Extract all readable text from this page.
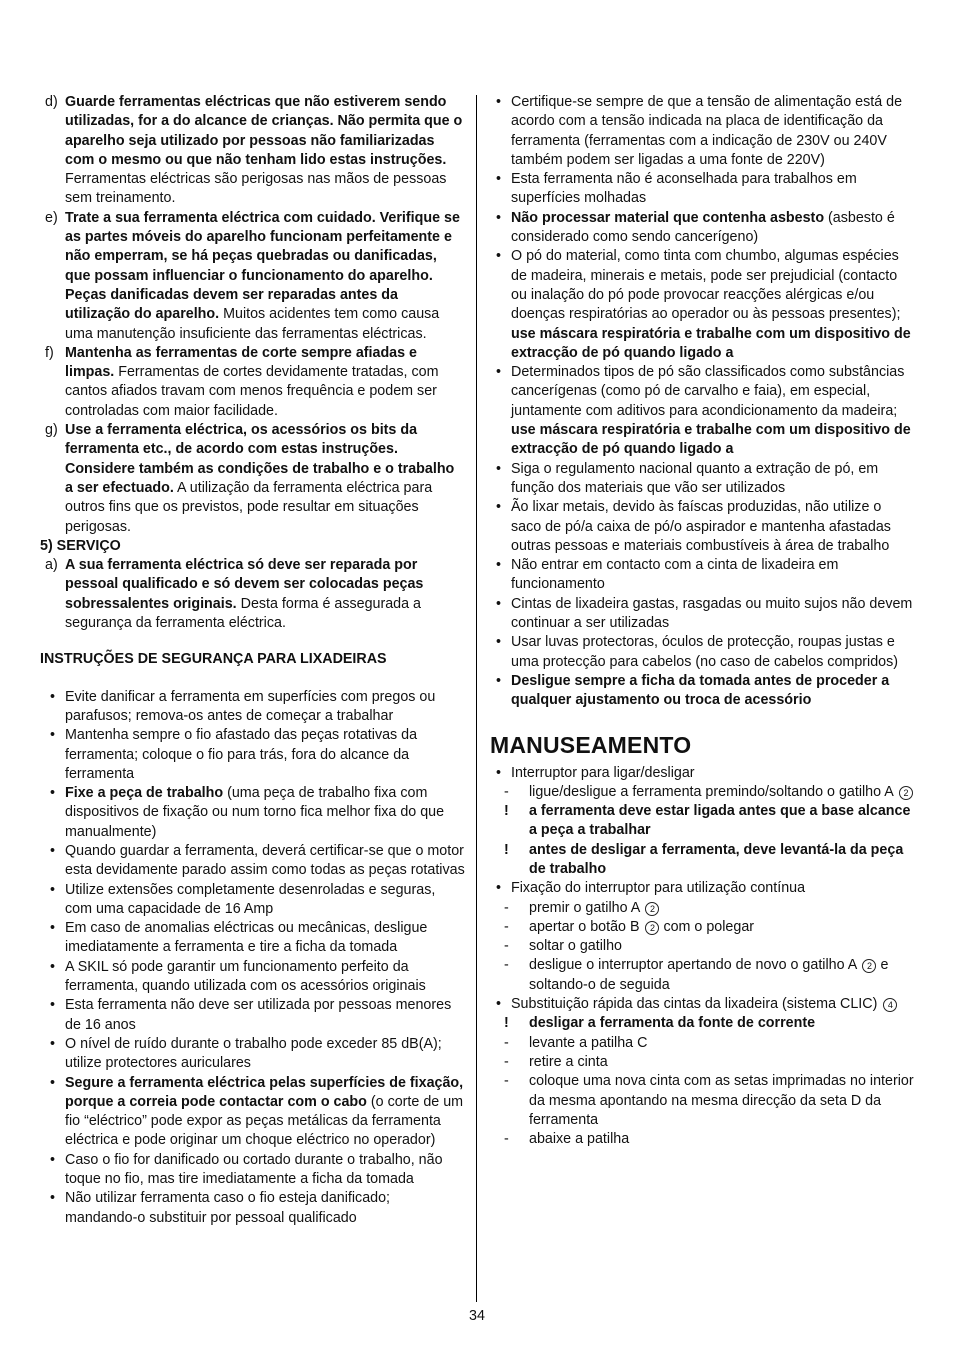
d) Guarde ferramentas eléctricas que não estiverem sendo utilizadas, for a do alcance de crianças. Não permita que o aparelho seja utilizado por pessoas não familiarizadas com o mesmo ou que não tenham lido estas instruções. Ferramentas eléctricas são perigosas nas mãos de pessoas sem treinamento.
e) Trate a sua ferramenta eléctrica com cuidado. Verifique se as partes móveis do aparelho funcionam perfeitamente e não emperram, se há peças quebradas ou danificadas, que possam influenciar o funcionamento do aparelho. Peças danificadas devem ser reparadas antes da utilização do aparelho. Muitos acidentes tem como causa uma manutenção insuficiente das ferramentas eléctricas.
f) Mantenha as ferramentas de corte sempre afiadas e limpas. Ferramentas de cortes devidamente tratadas, com cantos afiados travam com menos frequência e podem ser controladas com maior facilidade.
g) Use a ferramenta eléctrica, os acessórios os bits da ferramenta etc., de acordo com estas instruções. Considere também as condições de trabalho e o trabalho a ser efectuado. A utilização da ferramenta eléctrica para outros fins que os previstos, pode resultar em situações perigosas.
5) SERVIÇO
a) A sua ferramenta eléctrica só deve ser reparada por pessoal qualificado e só devem ser colocadas peças sobressalentes originais. Desta forma é assegurada a segurança da ferramenta eléctrica.
INSTRUÇÕES DE SEGURANÇA PARA LIXADEIRAS
• Evite danificar a ferramenta em superfícies com pregos ou parafusos; remova-os antes de começar a trabalhar
• Mantenha sempre o fio afastado das peças rotativas da ferramenta; coloque o fio para trás, fora do alcance da ferramenta
• Fixe a peça de trabalho (uma peça de trabalho fixa com dispositivos de fixação ou num torno fica melhor fixa do que manualmente)
• Quando guardar a ferramenta, deverá certificar-se que o motor esta devidamente parado assim como todas as peças rotativas
• Utilize extensões completamente desenroladas e seguras, com uma capacidade de 16 Amp
• Em caso de anomalias eléctricas ou mecânicas, desligue imediatamente a ferramenta e tire a ficha da tomada
• A SKIL só pode garantir um funcionamento perfeito da ferramenta, quando utilizada com os acessórios originais
• Esta ferramenta não deve ser utilizada por pessoas menores de 16 anos
• O nível de ruído durante o trabalho pode exceder 85 dB(A); utilize protectores auriculares
• Segure a ferramenta eléctrica pelas superfícies de fixação, porque a correia pode contactar com o cabo (o corte de um fio “eléctrico” pode expor as peças metálicas da ferramenta eléctrica e pode originar um choque eléctrico no operador)
• Caso o fio for danificado ou cortado durante o trabalho, não toque no fio, mas tire imediatamente a ficha da tomada
• Não utilizar ferramenta caso o fio esteja danificado; mandando-o substituir por pessoal qualificado
• Certifique-se sempre de que a tensão de alimentação está de acordo com a tensão indicada na placa de identificação da ferramenta (ferramentas com a indicação de 230V ou 240V também podem ser ligadas a uma fonte de 220V)
• Esta ferramenta não é aconselhada para trabalhos em superfícies molhadas
• Não processar material que contenha asbesto (asbesto é considerado como sendo cancerígeno)
• O pó do material, como tinta com chumbo, algumas espécies de madeira, minerais e metais, pode ser prejudicial (contacto ou inalação do pó pode provocar reacções alérgicas e/ou doenças respiratórias ao operador ou às pessoas presentes); use máscara respiratória e trabalhe com um dispositivo de extracção de pó quando ligado a
• Determinados tipos de pó são classificados como substâncias cancerígenas (como pó de carvalho e faia), em especial, juntamente com aditivos para acondicionamento da madeira; use máscara respiratória e trabalhe com um dispositivo de extracção de pó quando ligado a
• Siga o regulamento nacional quanto a extração de pó, em função dos materiais que vão ser utilizados
• Ão lixar metais, devido às faíscas produzidas, não utilize o saco de pó/a caixa de pó/o aspirador e mantenha afastadas outras pessoas e materiais combustíveis à área de trabalho
• Não entrar em contacto com a cinta de lixadeira em funcionamento
• Cintas de lixadeira gastas, rasgadas ou muito sujos não devem continuar a ser utilizadas
• Usar luvas protectoras, óculos de protecção, roupas justas e uma protecção para cabelos (no caso de cabelos compridos)
• Desligue sempre a ficha da tomada antes de proceder a qualquer ajustamento ou troca de acessório
MANUSEAMENTO
• Interruptor para ligar/desligar
-	ligue/desligue a ferramenta premindo/soltando o gatilho A 2
!	a ferramenta deve estar ligada antes que a base alcance a peça a trabalhar
!	antes de desligar a ferramenta, deve levantá-la da peça de trabalho
• Fixação do interruptor para utilização contínua
-	premir o gatilho A 2
-	apertar o botão B 2 com o polegar
-	soltar o gatilho
-	desligue o interruptor apertando de novo o gatilho A 2 e soltando-o de seguida
• Substituição rápida das cintas da lixadeira (sistema CLIC) 4
!	desligar a ferramenta da fonte de corrente
-	levante a patilha C
-	retire a cinta
-	coloque uma nova cinta com as setas imprimadas no interior da mesma apontando na mesma direcção da seta D da ferramenta
-	abaixe a patilha
34
